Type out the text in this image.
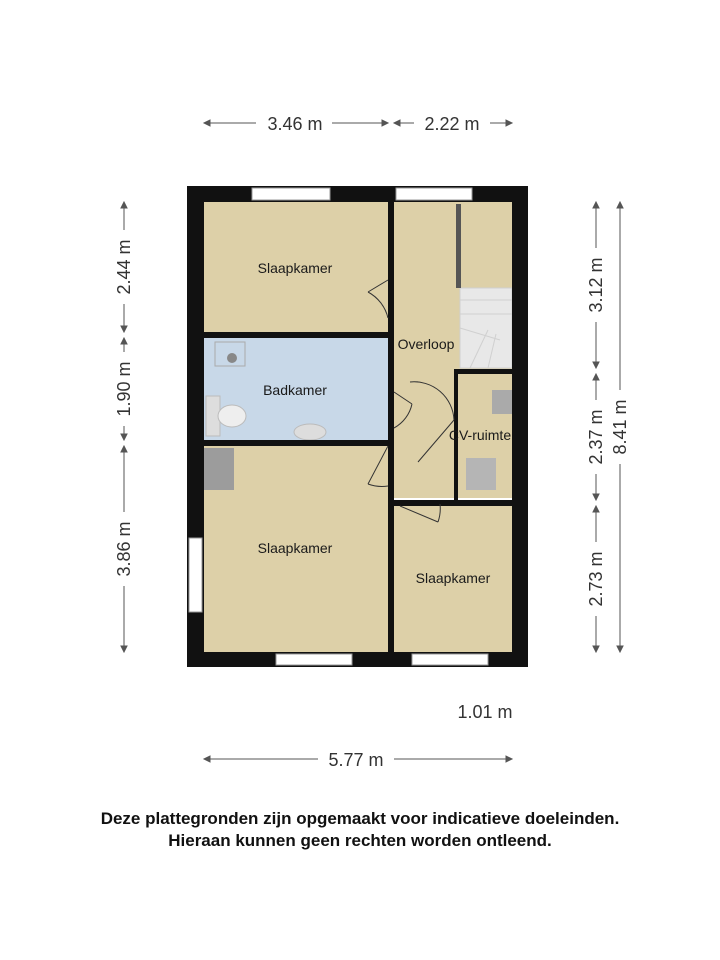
3.46 m	2.22 m
5.77 m
1.01 m
2.44 m
1.90 m
3.86 m
3.12 m
2.37 m
2.73 m
8.41 m
Slaapkamer
Badkamer
Overloop
CV-ruimte
Slaapkamer
Slaapkamer
Deze plattegronden zijn opgemaakt voor indicatieve doeleinden.
Hieraan kunnen geen rechten worden ontleend.
